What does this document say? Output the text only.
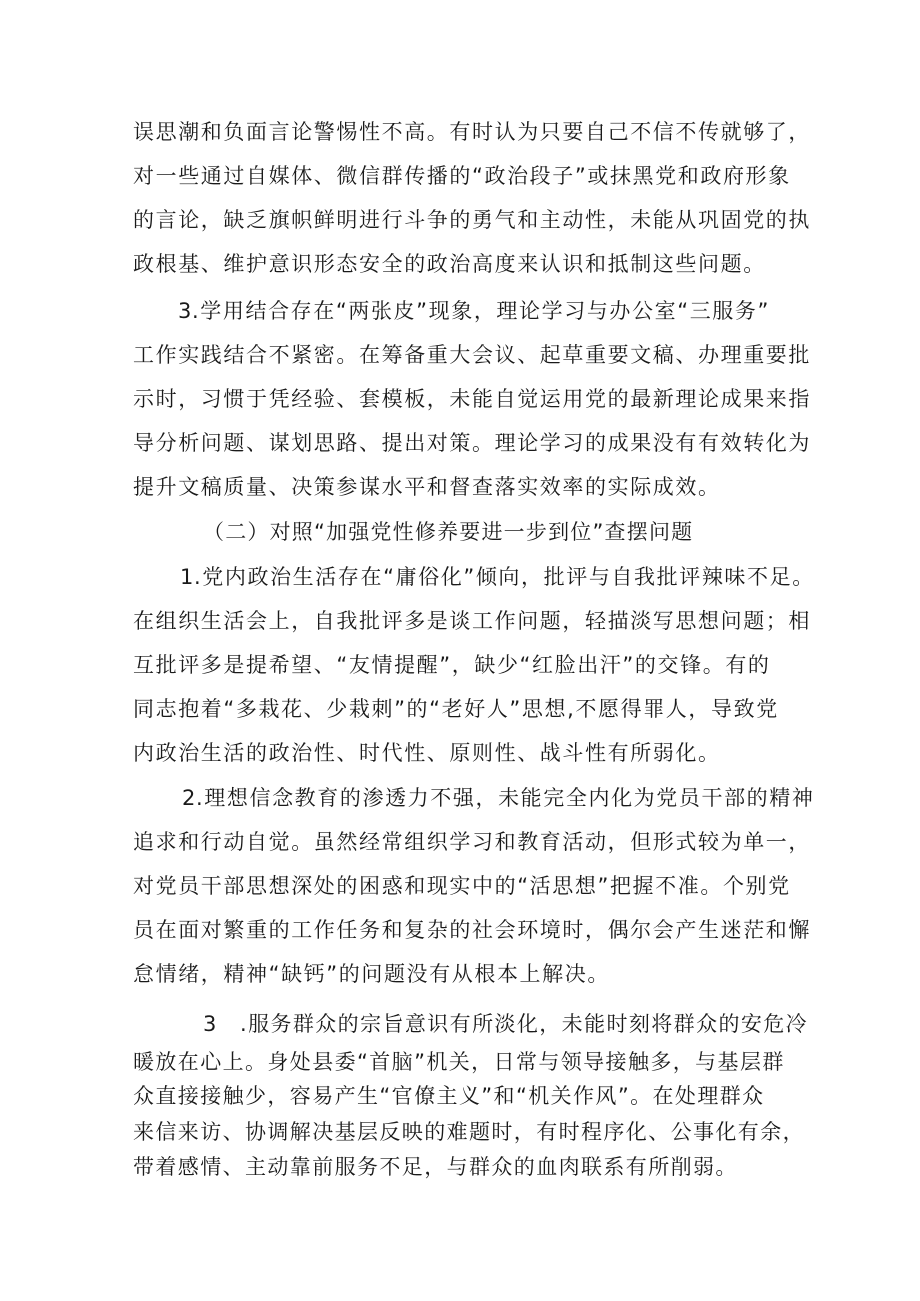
误思潮和负面言论警惕性不高。有时认为只要自己不信不传就够了，
对一些通过自媒体、微信群传播的“政治段子”或抹黑党和政府形象
的言论，缺乏旗帜鲜明进行斗争的勇气和主动性，未能从巩固党的执
政根基、维护意识形态安全的政治高度来认识和抵制这些问题。
3 .学用结合存在“两张皮”现象，理论学习与办公室“三服务”
工作实践结合不紧密。在筹备重大会议、起草重要文稿、办理重要批
示时，习惯于凭经验、套模板，未能自觉运用党的最新理论成果来指
导分析问题、谋划思路、提出对策。理论学习的成果没有有效转化为
提升文稿质量、决策参谋水平和督查落实效率的实际成效。
（二）对照“加强党性修养要进一步到位”查摆问题
1 .党内政治生活存在“庸俗化”倾向，批评与自我批评辣味不足。
在组织生活会上，自我批评多是谈工作问题，轻描淡写思想问题；相
互批评多是提希望、“友情提醒”，缺少“红脸出汗”的交锋。有的
同志抱着“多栽花、少栽刺”的“老好人”思想,不愿得罪人，导致党
内政治生活的政治性、时代性、原则性、战斗性有所弱化。
2 .理想信念教育的渗透力不强，未能完全内化为党员干部的精神
追求和行动自觉。虽然经常组织学习和教育活动，但形式较为单一，
对党员干部思想深处的困惑和现实中的“活思想”把握不准。个别党
员在面对繁重的工作任务和复杂的社会环境时，偶尔会产生迷茫和懈
怠情绪，精神“缺钙”的问题没有从根本上解决。
3 .服务群众的宗旨意识有所淡化，未能时刻将群众的安危冷
暖放在心上。身处县委“首脑”机关，日常与领导接触多，与基层群
众直接接触少，容易产生“官僚主义”和“机关作风”。在处理群众
来信来访、协调解决基层反映的难题时，有时程序化、公事化有余，
带着感情、主动靠前服务不足，与群众的血肉联系有所削弱。
